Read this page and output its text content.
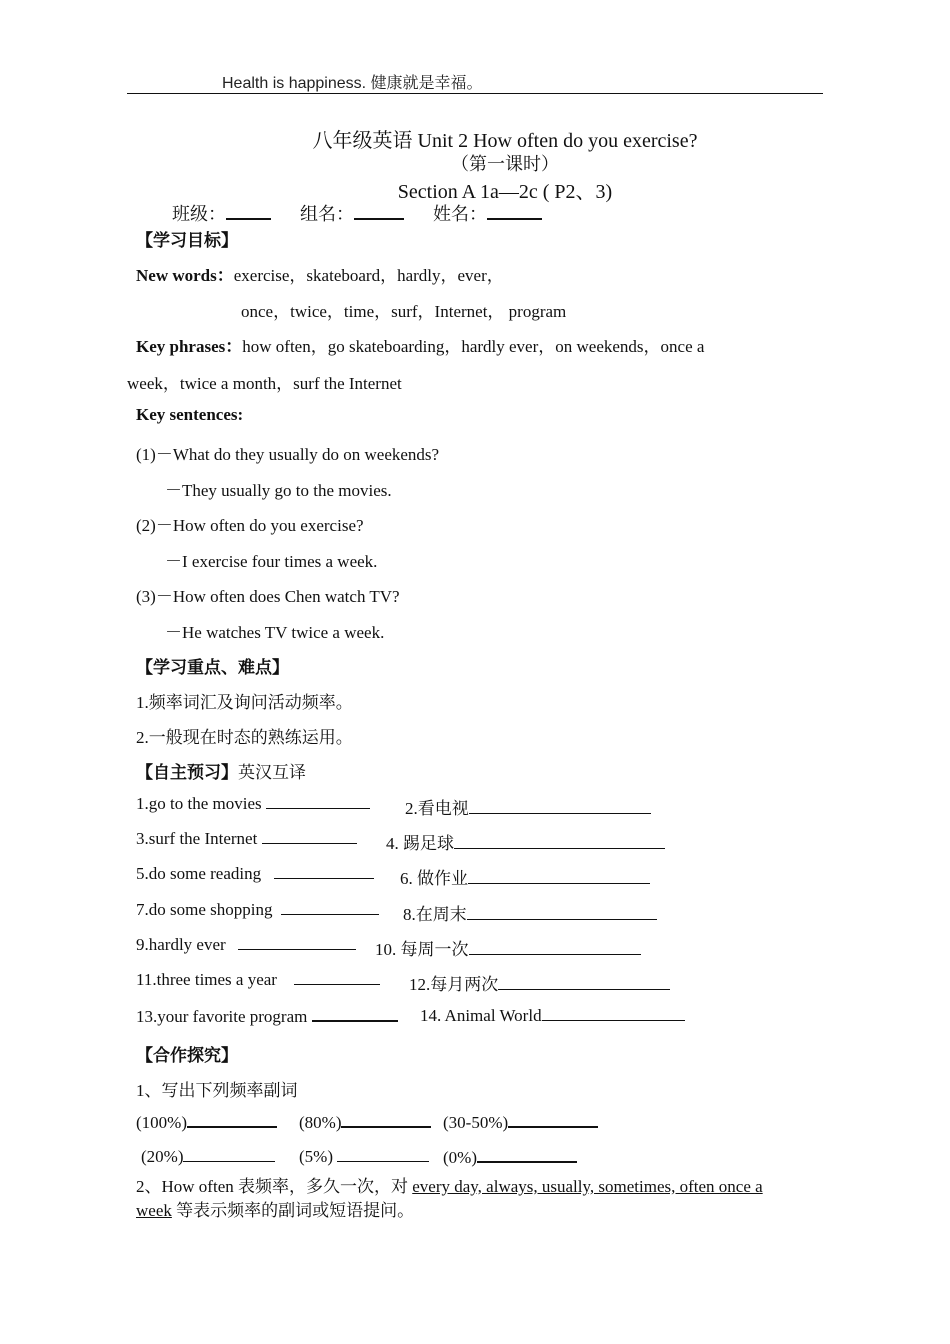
Health is happiness. 健康就是幸福。
八年级英语 Unit 2 How often do you exercise?
（第一课时）
Section A 1a—2c ( P2、3)
班级：	组名：	姓名：
【学习目标】
New words：exercise，skateboard，hardly，ever，
once，twice，time，surf，Internet， program
Key phrases：how often，go skateboarding，hardly ever，on weekends，once a
week，twice a month，surf the Internet
Key sentences:
(1)－What do they usually do on weekends?
－They usually go to the movies.
(2)－How often do you exercise?
－I exercise four times a week.
(3)－How often does Chen watch TV?
－He watches TV twice a week.
【学习重点、难点】
1.频率词汇及询问活动频率。
2.一般现在时态的熟练运用。
【自主预习】英汉互译
1.go to the movies	2.看电视
3.surf the Internet	4. 踢足球
5.do some reading	6. 做作业
7.do some shopping	8.在周末
9.hardly ever	10. 每周一次
11.three times a year	12.每月两次
13.your favorite program	14. Animal World
【合作探究】
1、写出下列频率副词
(100%)	(80%)	(30-50%)
(20%)	(5%)	(0%)
2、How often 表频率，多久一次，对 every day, always, usually, sometimes, often once a
week 等表示频率的副词或短语提问。
